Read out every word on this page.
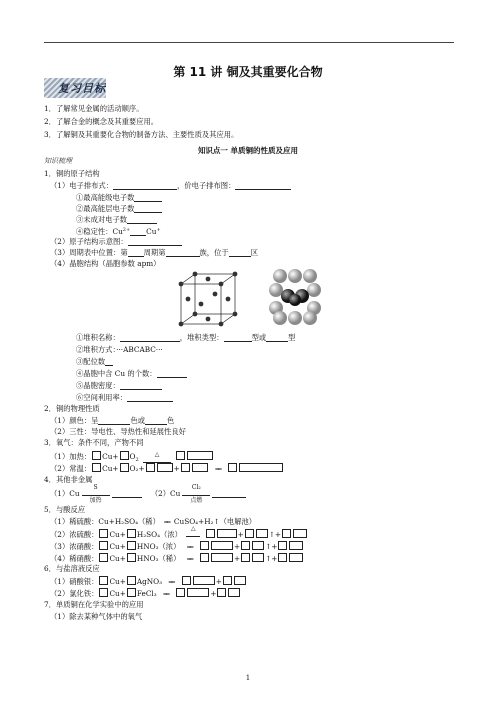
第 11 讲 铜及其重要化合物
复习目标
1．了解常见金属的活动顺序。
2．了解合金的概念及其重要应用。
3．了解铜及其重要化合物的制备方法、主要性质及其应用。
知识点一 单质铜的性质及应用
知识梳理
1．铜的原子结构
（1）电子排布式：	，价电子排布图：
①最高能级电子数
②最高能层电子数
③未成对电子数
④稳定性：$Cu^{2+}$ Cu+
（2）原子结构示意图：
（3）周期表中位置：第 周期第	族，位于	区
（4）晶胞结构（晶胞参数 apm）
①堆积名称：	，堆积类型：	型或	型
②堆积方式：···ABCABC···
③配位数
④晶胞中含 Cu 的个数：
⑤晶胞密度：
⑥空间利用率：
2．铜的物理性质
（1）颜色：呈	色或	色
（2）三性：导电性、导热性和延展性良好
3．氧气：条件不同，产物不同
（1）加热： $Cu+ O_2$
△

（2）常温： Cu+ O₂+	+ ══
4．其他非金属
（1）Cu
S
加热
（2）Cu
Cl₂
点燃
5．与酸反应
（1）稀硫酸：Cu+H₂SO₄（稀） ══ CuSO₄+H₂↑（电解池）
（2）浓硫酸： Cu+ H₂SO₄（浓）
△
+	↑+
（3）浓硝酸： Cu+ HNO₃（浓） ══	+	↑+
（4）稀硝酸： Cu+ HNO₃（稀） ══	+	↑+
6．与盐溶液反应
（1）硝酸银： Cu+ AgNO₃ ══	+
（2）氯化铁： Cu+ FeCl₃ ══	+
7．单质铜在化学实验中的应用
（1）除去某种气体中的氧气
1
